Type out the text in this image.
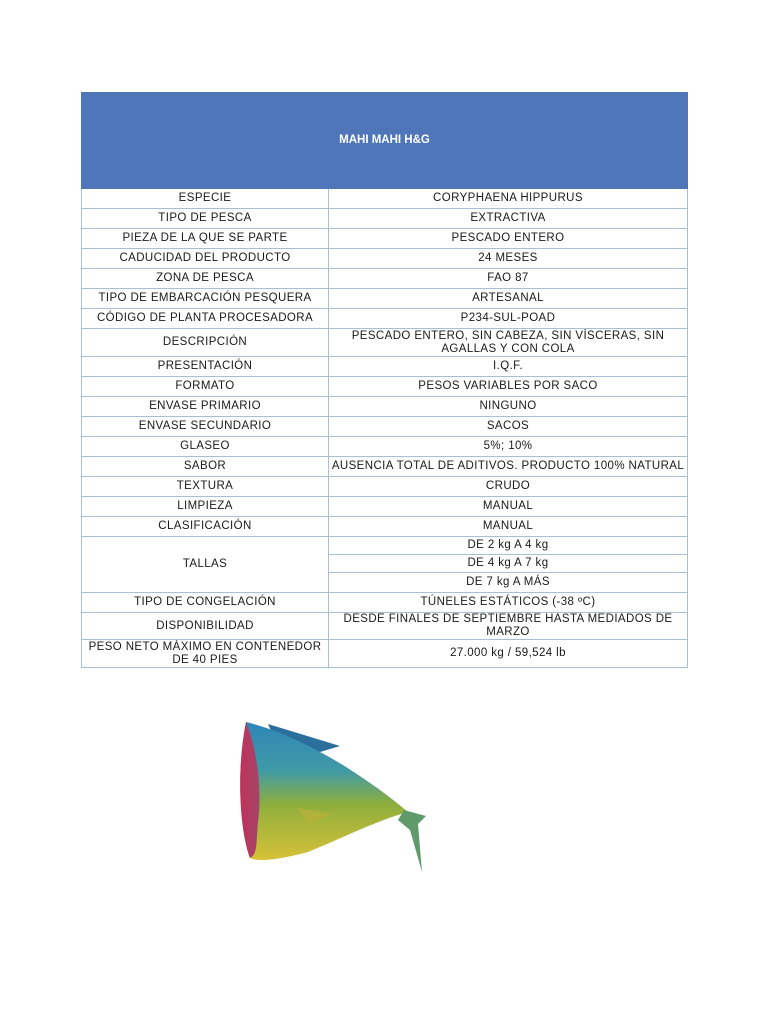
MAHI MAHI H&G	
ESPECIE	CORYPHAENA HIPPURUS
TIPO DE PESCA	EXTRACTIVA
PIEZA DE LA QUE SE PARTE	PESCADO ENTERO
CADUCIDAD DEL PRODUCTO	24 MESES
ZONA DE PESCA	FAO 87
TIPO DE EMBARCACIÓN PESQUERA	ARTESANAL
CÓDIGO DE PLANTA PROCESADORA	P234-SUL-POAD
DESCRIPCIÓN	PESCADO ENTERO, SIN CABEZA, SIN VÍSCERAS, SIN AGALLAS Y CON COLA
PRESENTACIÓN	I.Q.F.
FORMATO	PESOS VARIABLES POR SACO
ENVASE PRIMARIO	NINGUNO
ENVASE SECUNDARIO	SACOS
GLASEO	5%; 10%
SABOR	AUSENCIA TOTAL DE ADITIVOS. PRODUCTO 100% NATURAL
TEXTURA	CRUDO
LIMPIEZA	MANUAL
CLASIFICACIÓN	MANUAL
TALLAS	DE 2 kg A 4 kg
	DE 4 kg A 7 kg
	DE 7 kg A MÁS
TIPO DE CONGELACIÓN	TÚNELES ESTÁTICOS (-38 ºC)
DISPONIBILIDAD	DESDE FINALES DE SEPTIEMBRE HASTA MEDIADOS DE MARZO
PESO NETO MÁXIMO EN CONTENEDOR DE 40 PIES	27.000 kg / 59,524 lb
